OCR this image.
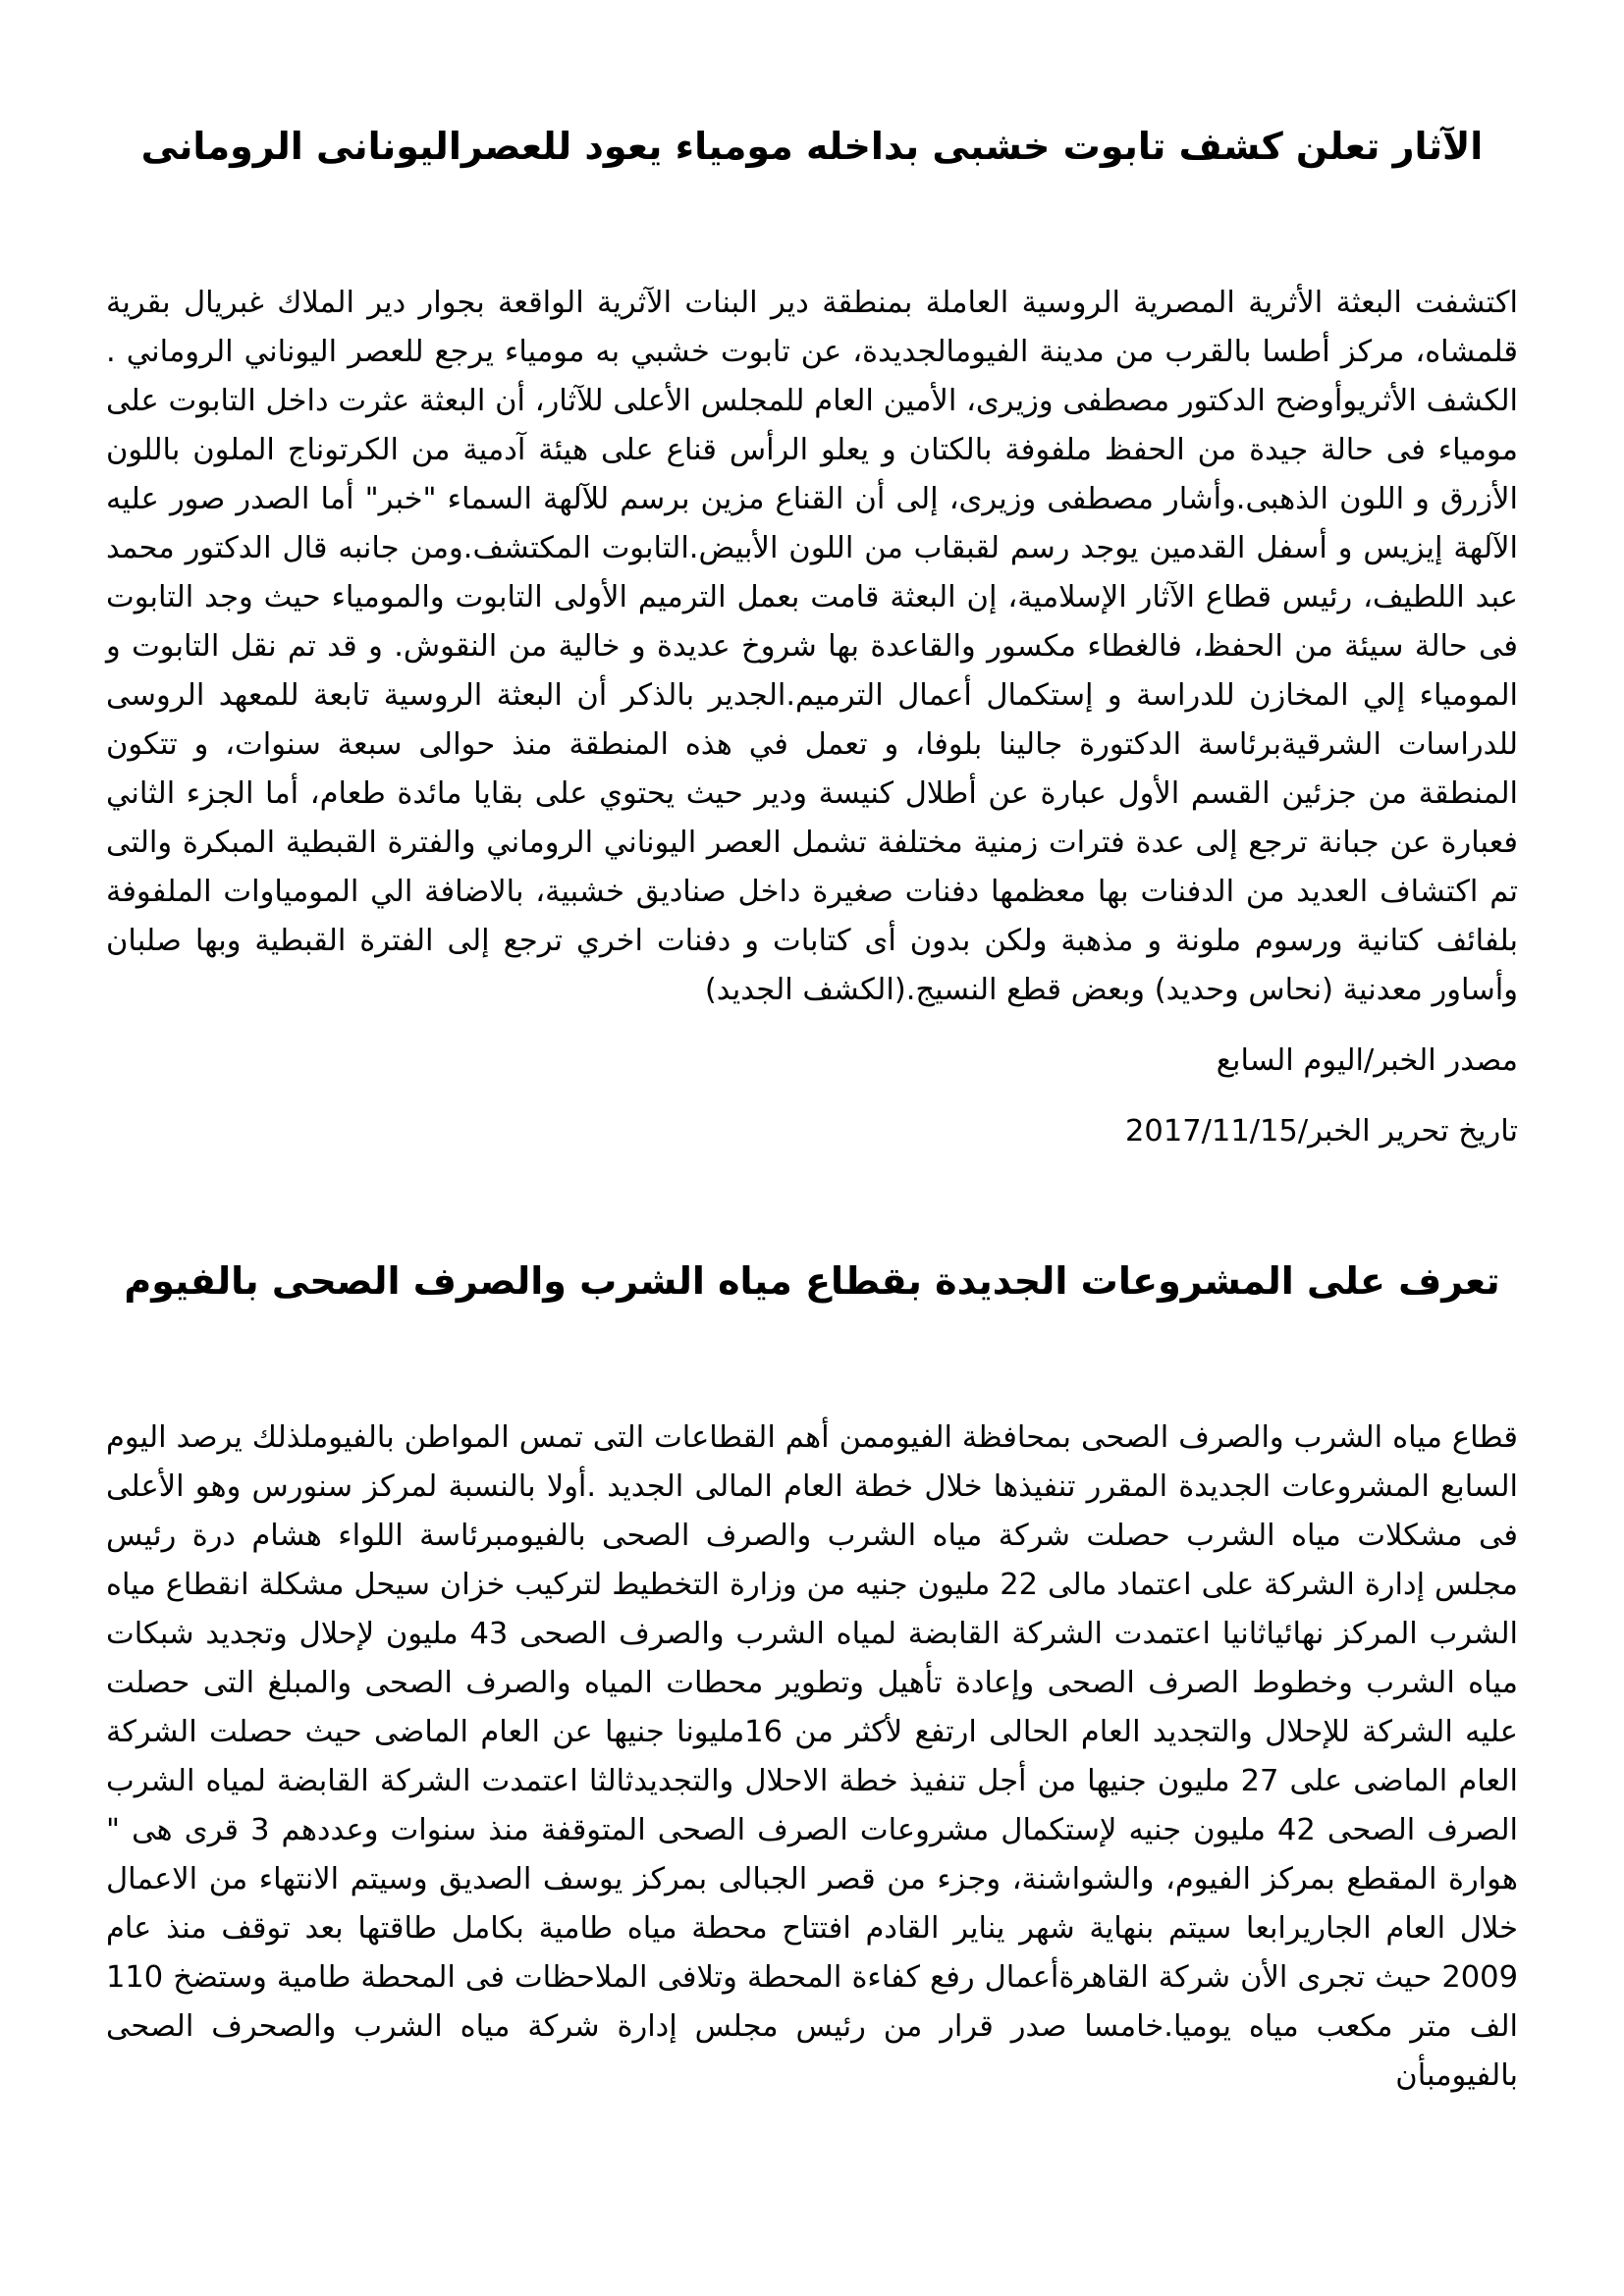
الآثار تعلن كشف تابوت خشبى بداخله مومياء يعود للعصراليونانى الرومانى

اكتشفت البعثة الأثرية المصرية الروسية العاملة بمنطقة دير البنات الآثرية الواقعة بجوار دير الملاك غبريال بقرية قلمشاه، مركز أطسا بالقرب من مدينة الفيومالجديدة، عن تابوت خشبي به مومياء يرجع للعصر اليوناني الروماني . الكشف الأثريوأوضح الدكتور مصطفى وزيرى، الأمين العام للمجلس الأعلى للآثار، أن البعثة عثرت داخل التابوت على مومياء فى حالة جيدة من الحفظ ملفوفة بالكتان و يعلو الرأس قناع على هيئة آدمية من الكرتوناج الملون باللون الأزرق و اللون الذهبى.وأشار مصطفى وزيرى، إلى أن القناع مزين برسم للآلهة السماء "خبر" أما الصدر صور عليه الآلهة إيزيس و أسفل القدمين يوجد رسم لقبقاب من اللون الأبيض.التابوت المكتشف.ومن جانبه قال الدكتور محمد عبد اللطيف، رئيس قطاع الآثار الإسلامية، إن البعثة قامت بعمل الترميم الأولى التابوت والمومياء حيث وجد التابوت فى حالة سيئة من الحفظ، فالغطاء مكسور والقاعدة بها شروخ عديدة و خالية من النقوش. و قد تم نقل التابوت و المومياء إلي المخازن للدراسة و إستكمال أعمال الترميم.الجدير بالذكر أن البعثة الروسية تابعة للمعهد الروسى للدراسات الشرقيةبرئاسة الدكتورة جالينا بلوفا، و تعمل في هذه المنطقة منذ حوالى سبعة سنوات، و تتكون المنطقة من جزئين القسم الأول عبارة عن أطلال كنيسة ودير حيث يحتوي على بقايا مائدة طعام، أما الجزء الثاني فعبارة عن جبانة ترجع إلى عدة فترات زمنية مختلفة تشمل العصر اليوناني الروماني والفترة القبطية المبكرة والتى تم اكتشاف العديد من الدفنات بها معظمها دفنات صغيرة داخل صناديق خشبية، بالاضافة الي المومياوات الملفوفة بلفائف كتانية ورسوم ملونة و مذهبة ولكن بدون أى كتابات و دفنات اخري ترجع إلى الفترة القبطية وبها صلبان وأساور معدنية (نحاس وحديد) وبعض قطع النسيج.(الكشف الجديد)

مصدر الخبر/اليوم السابع

تاريخ تحرير الخبر/2017/11/15

تعرف على المشروعات الجديدة بقطاع مياه الشرب والصرف الصحى بالفيوم

قطاع مياه الشرب والصرف الصحى بمحافظة الفيوممن أهم القطاعات التى تمس المواطن بالفيوملذلك يرصد اليوم السابع المشروعات الجديدة المقرر تنفيذها خلال خطة العام المالى الجديد .أولا بالنسبة لمركز سنورس وهو الأعلى فى مشكلات مياه الشرب حصلت شركة مياه الشرب والصرف الصحى بالفيومبرئاسة اللواء هشام درة رئيس مجلس إدارة الشركة على اعتماد مالى 22 مليون جنيه من وزارة التخطيط لتركيب خزان سيحل مشكلة انقطاع مياه الشرب المركز نهائياثانيا اعتمدت الشركة القابضة لمياه الشرب والصرف الصحى 43 مليون لإحلال وتجديد شبكات مياه الشرب وخطوط الصرف الصحى وإعادة تأهيل وتطوير محطات المياه والصرف الصحى والمبلغ التى حصلت عليه الشركة للإحلال والتجديد العام الحالى ارتفع لأكثر من 16مليونا جنيها عن العام الماضى حيث حصلت الشركة العام الماضى على 27 مليون جنيها من أجل تنفيذ خطة الاحلال والتجديدثالثا اعتمدت الشركة القابضة لمياه الشرب الصرف الصحى 42 مليون جنيه لإستكمال مشروعات الصرف الصحى المتوقفة منذ سنوات وعددهم 3 قرى هى " هوارة المقطع بمركز الفيوم، والشواشنة، وجزء من قصر الجبالى بمركز يوسف الصديق وسيتم الانتهاء من الاعمال خلال العام الجاريرابعا سيتم بنهاية شهر يناير القادم افتتاح محطة مياه طامية بكامل طاقتها بعد توقف منذ عام 2009 حيث تجرى الأن شركة القاهرةأعمال رفع كفاءة المحطة وتلافى الملاحظات فى المحطة طامية وستضخ 110 الف متر مكعب مياه يوميا.خامسا صدر قرار من رئيس مجلس إدارة شركة مياه الشرب والصحرف الصحى بالفيومبأن
